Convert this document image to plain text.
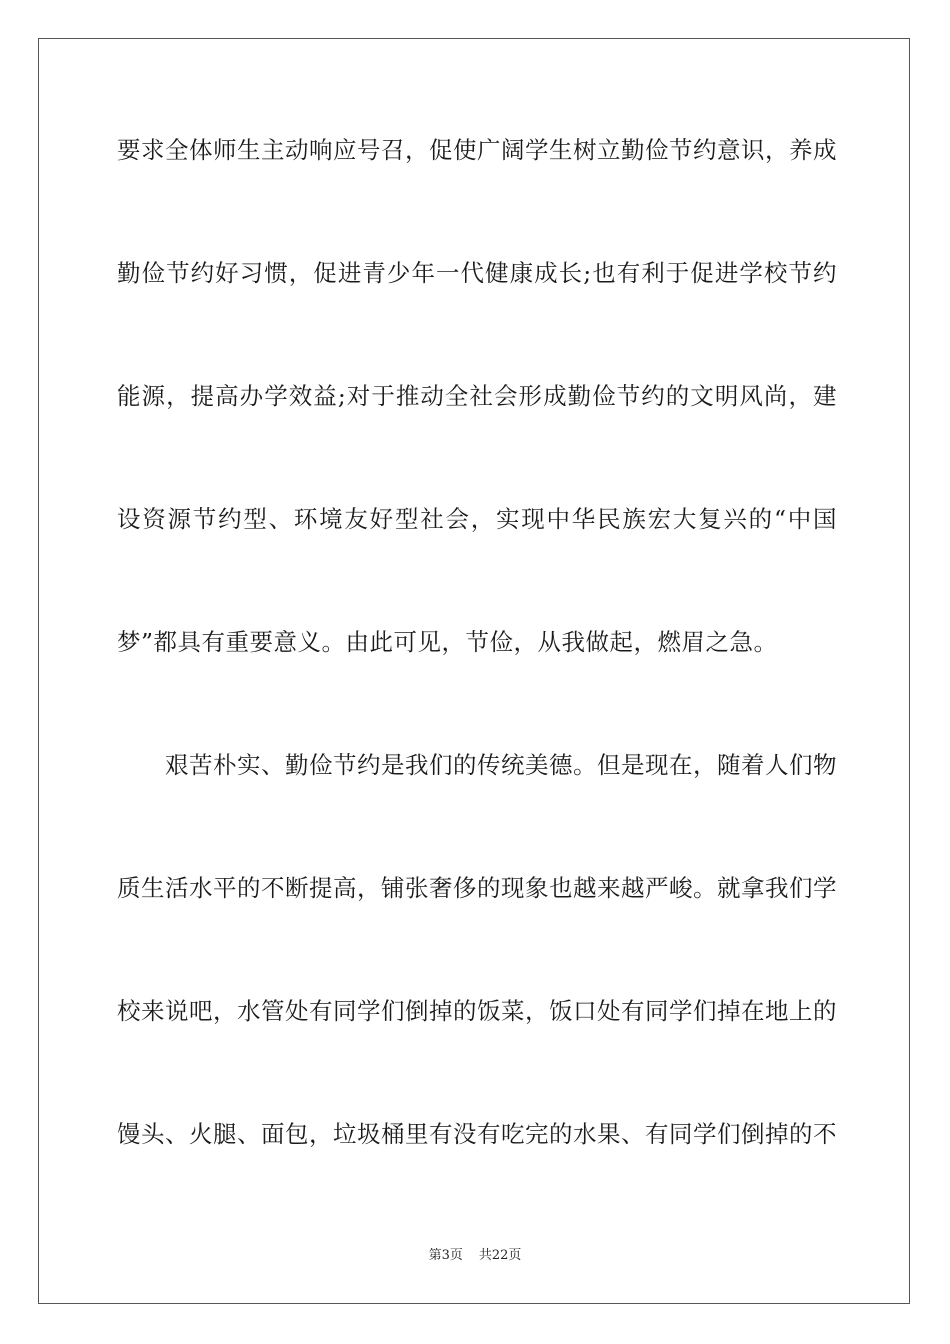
要求全体师生主动响应号召，促使广阔学生树立勤俭节约意识，养成
勤俭节约好习惯，促进青少年一代健康成长;也有利于促进学校节约
能源，提高办学效益;对于推动全社会形成勤俭节约的文明风尚，建
设资源节约型、环境友好型社会，实现中华民族宏大复兴的“中国
梦”都具有重要意义。由此可见，节俭，从我做起，燃眉之急。
艰苦朴实、勤俭节约是我们的传统美德。但是现在，随着人们物
质生活水平的不断提高，铺张奢侈的现象也越来越严峻。就拿我们学
校来说吧，水管处有同学们倒掉的饭菜，饭口处有同学们掉在地上的
馒头、火腿、面包，垃圾桶里有没有吃完的水果、有同学们倒掉的不
第3页 共22页
